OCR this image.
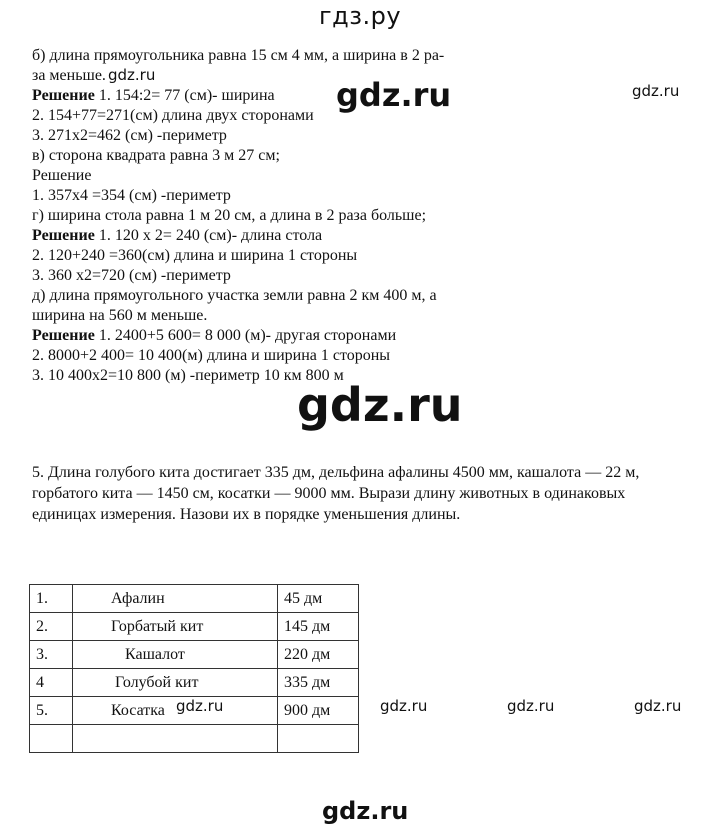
гдз.ру
gdz.ru
gdz.ru
gdz.ru
gdz.ru
gdz.ru
gdz.ru	gdz.ru	gdz.ru	gdz.ru
б) длина прямоугольника равна 15 см 4 мм, а ширина в 2 ра-
за меньше.
Решение 1. 154:2= 77 (см)- ширина
2. 154+77=271(см) длина двух сторонами
3. 271x2=462 (см) -периметр
в) сторона квадрата равна 3 м 27 см;
Решение
1. 357x4 =354 (см) -периметр
г) ширина стола равна 1 м 20 см, а длина в 2 раза больше;
Решение 1. 120 x 2= 240 (см)- длина стола
2. 120+240 =360(см) длина и ширина 1 стороны
3. 360 x2=720 (см) -периметр
д) длина прямоугольного участка земли равна 2 км 400 м, а
ширина на 560 м меньше.
Решение 1. 2400+5 600= 8 000 (м)- другая сторонами
2. 8000+2 400= 10 400(м) длина и ширина 1 стороны
3. 10 400x2=10 800 (м) -периметр 10 км 800 м
5. Длина голубого кита достигает 335 дм, дельфина афалины 4500 мм, кашалота — 22 м, горбатого кита — 1450 см, косатки — 9000 мм. Вырази длину животных в одинаковых единицах измерения. Назови их в порядке уменьшения длины.
1.	Афалин	45 дм
2.	Горбатый кит	145 дм
3.	Кашалот	220 дм
4	Голубой кит	335 дм
5.	Косатка	900 дм
